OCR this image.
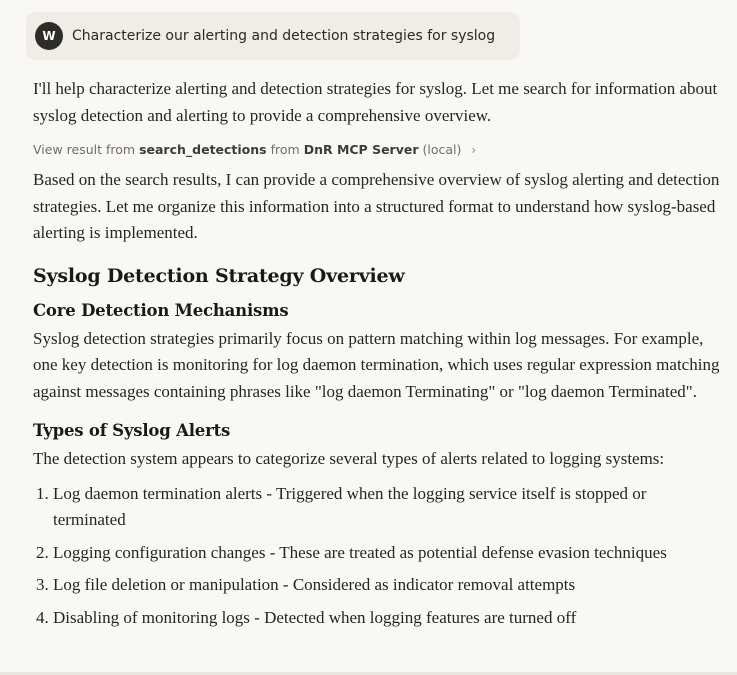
W	Characterize our alerting and detection strategies for syslog

I'll help characterize alerting and detection strategies for syslog. Let me search for information about syslog detection and alerting to provide a comprehensive overview.

View result from search_detections from DnR MCP Server (local) ›

Based on the search results, I can provide a comprehensive overview of syslog alerting and detection strategies. Let me organize this information into a structured format to understand how syslog-based alerting is implemented.

Syslog Detection Strategy Overview
Core Detection Mechanisms

Syslog detection strategies primarily focus on pattern matching within log messages. For example, one key detection is monitoring for log daemon termination, which uses regular expression matching against messages containing phrases like "log daemon Terminating" or "log daemon Terminated".

Types of Syslog Alerts

The detection system appears to categorize several types of alerts related to logging systems:

1. Log daemon termination alerts - Triggered when the logging service itself is stopped or terminated
2. Logging configuration changes - These are treated as potential defense evasion techniques
3. Log file deletion or manipulation - Considered as indicator removal attempts
4. Disabling of monitoring logs - Detected when logging features are turned off
